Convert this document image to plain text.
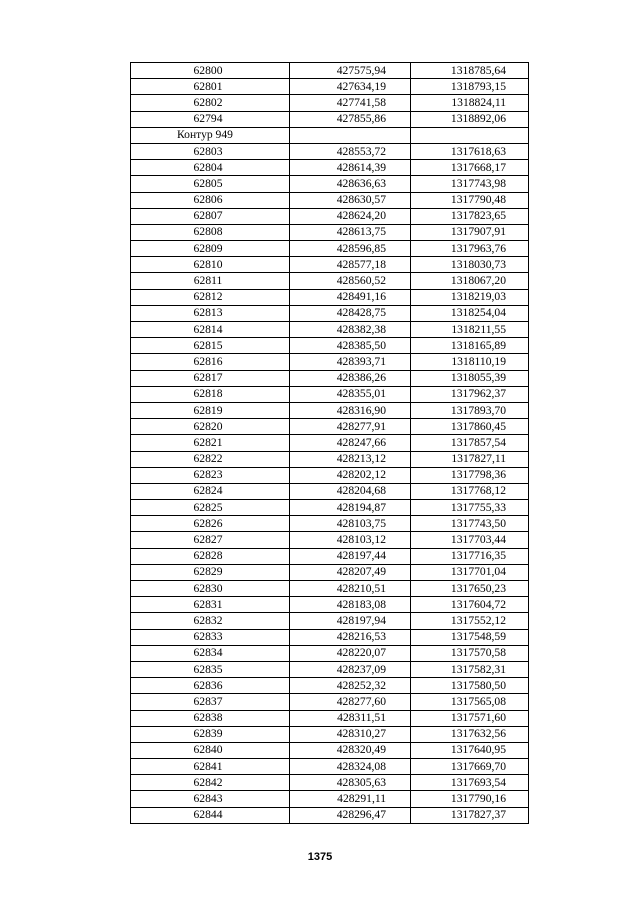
62800	427575,94	1318785,64
62801	427634,19	1318793,15
62802	427741,58	1318824,11
62794	427855,86	1318892,06
Контур 949		
62803	428553,72	1317618,63
62804	428614,39	1317668,17
62805	428636,63	1317743,98
62806	428630,57	1317790,48
62807	428624,20	1317823,65
62808	428613,75	1317907,91
62809	428596,85	1317963,76
62810	428577,18	1318030,73
62811	428560,52	1318067,20
62812	428491,16	1318219,03
62813	428428,75	1318254,04
62814	428382,38	1318211,55
62815	428385,50	1318165,89
62816	428393,71	1318110,19
62817	428386,26	1318055,39
62818	428355,01	1317962,37
62819	428316,90	1317893,70
62820	428277,91	1317860,45
62821	428247,66	1317857,54
62822	428213,12	1317827,11
62823	428202,12	1317798,36
62824	428204,68	1317768,12
62825	428194,87	1317755,33
62826	428103,75	1317743,50
62827	428103,12	1317703,44
62828	428197,44	1317716,35
62829	428207,49	1317701,04
62830	428210,51	1317650,23
62831	428183,08	1317604,72
62832	428197,94	1317552,12
62833	428216,53	1317548,59
62834	428220,07	1317570,58
62835	428237,09	1317582,31
62836	428252,32	1317580,50
62837	428277,60	1317565,08
62838	428311,51	1317571,60
62839	428310,27	1317632,56
62840	428320,49	1317640,95
62841	428324,08	1317669,70
62842	428305,63	1317693,54
62843	428291,11	1317790,16
62844	428296,47	1317827,37
1375
